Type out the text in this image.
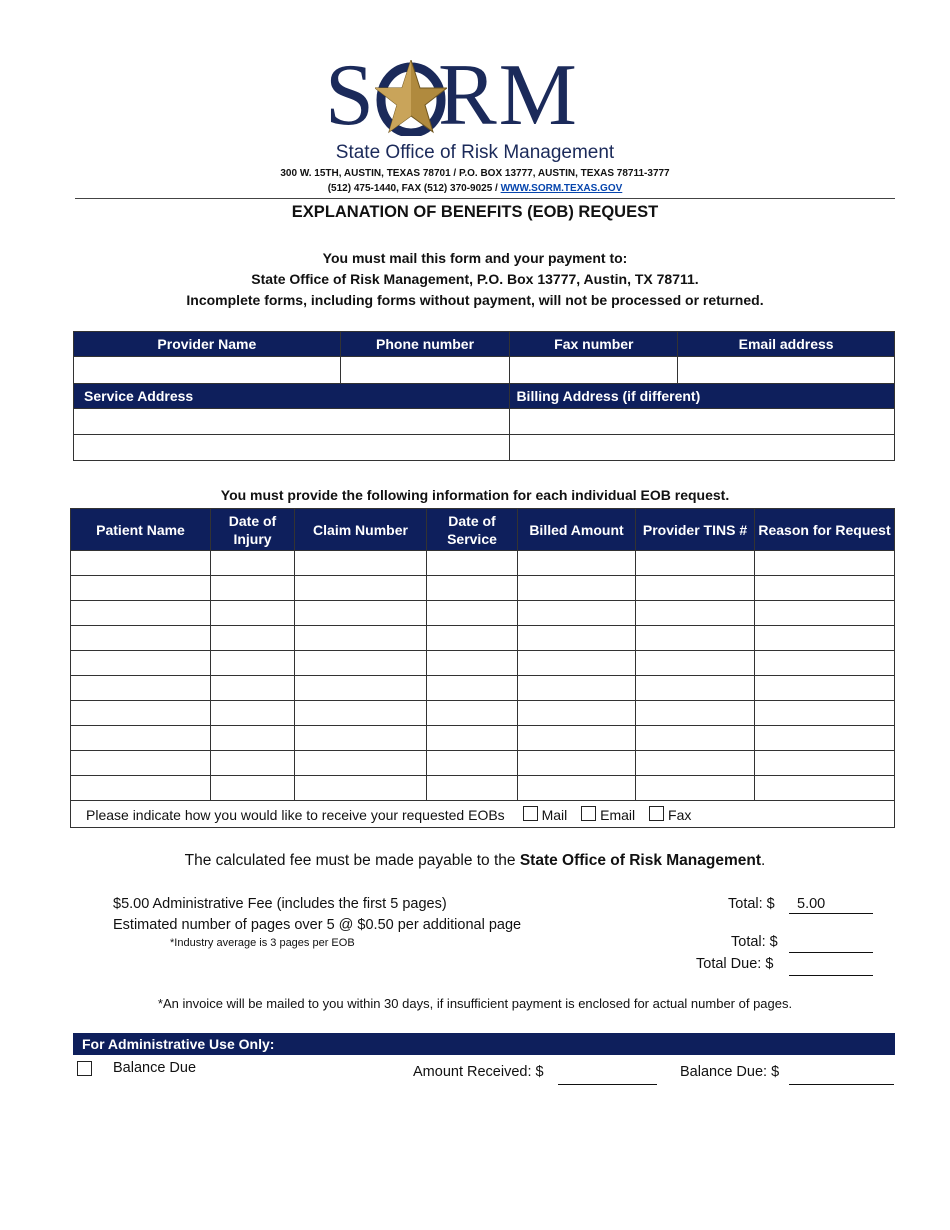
S RM
State Office of Risk Management
300 W. 15TH, AUSTIN, TEXAS 78701 / P.O. BOX 13777, AUSTIN, TEXAS 78711-3777
(512) 475-1440, FAX (512) 370-9025 / WWW.SORM.TEXAS.GOV
EXPLANATION OF BENEFITS (EOB) REQUEST
You must mail this form and your payment to:
State Office of Risk Management, P.O. Box 13777, Austin, TX 78711.
Incomplete forms, including forms without payment, will not be processed or returned.
Provider Name	Phone number	Fax number	Email address

Service Address		Billing Address (if different)	

You must provide the following information for each individual EOB request.
Patient Name	Date of Injury	Claim Number	Date of Service	Billed Amount	Provider TINS #	Reason for Request

Please indicate how you would like to receive your requested EOBs Mail Email Fax						
The calculated fee must be made payable to the State Office of Risk Management.
$5.00 Administrative Fee (includes the first 5 pages)
Estimated number of pages over 5 @ $0.50 per additional page
*Industry average is 3 pages per EOB
Total: $	5.00
Total: $
Total Due: $
*An invoice will be mailed to you within 30 days, if insufficient payment is enclosed for actual number of pages.
For Administrative Use Only:
Balance Due	Amount Received: $	Balance Due: $
